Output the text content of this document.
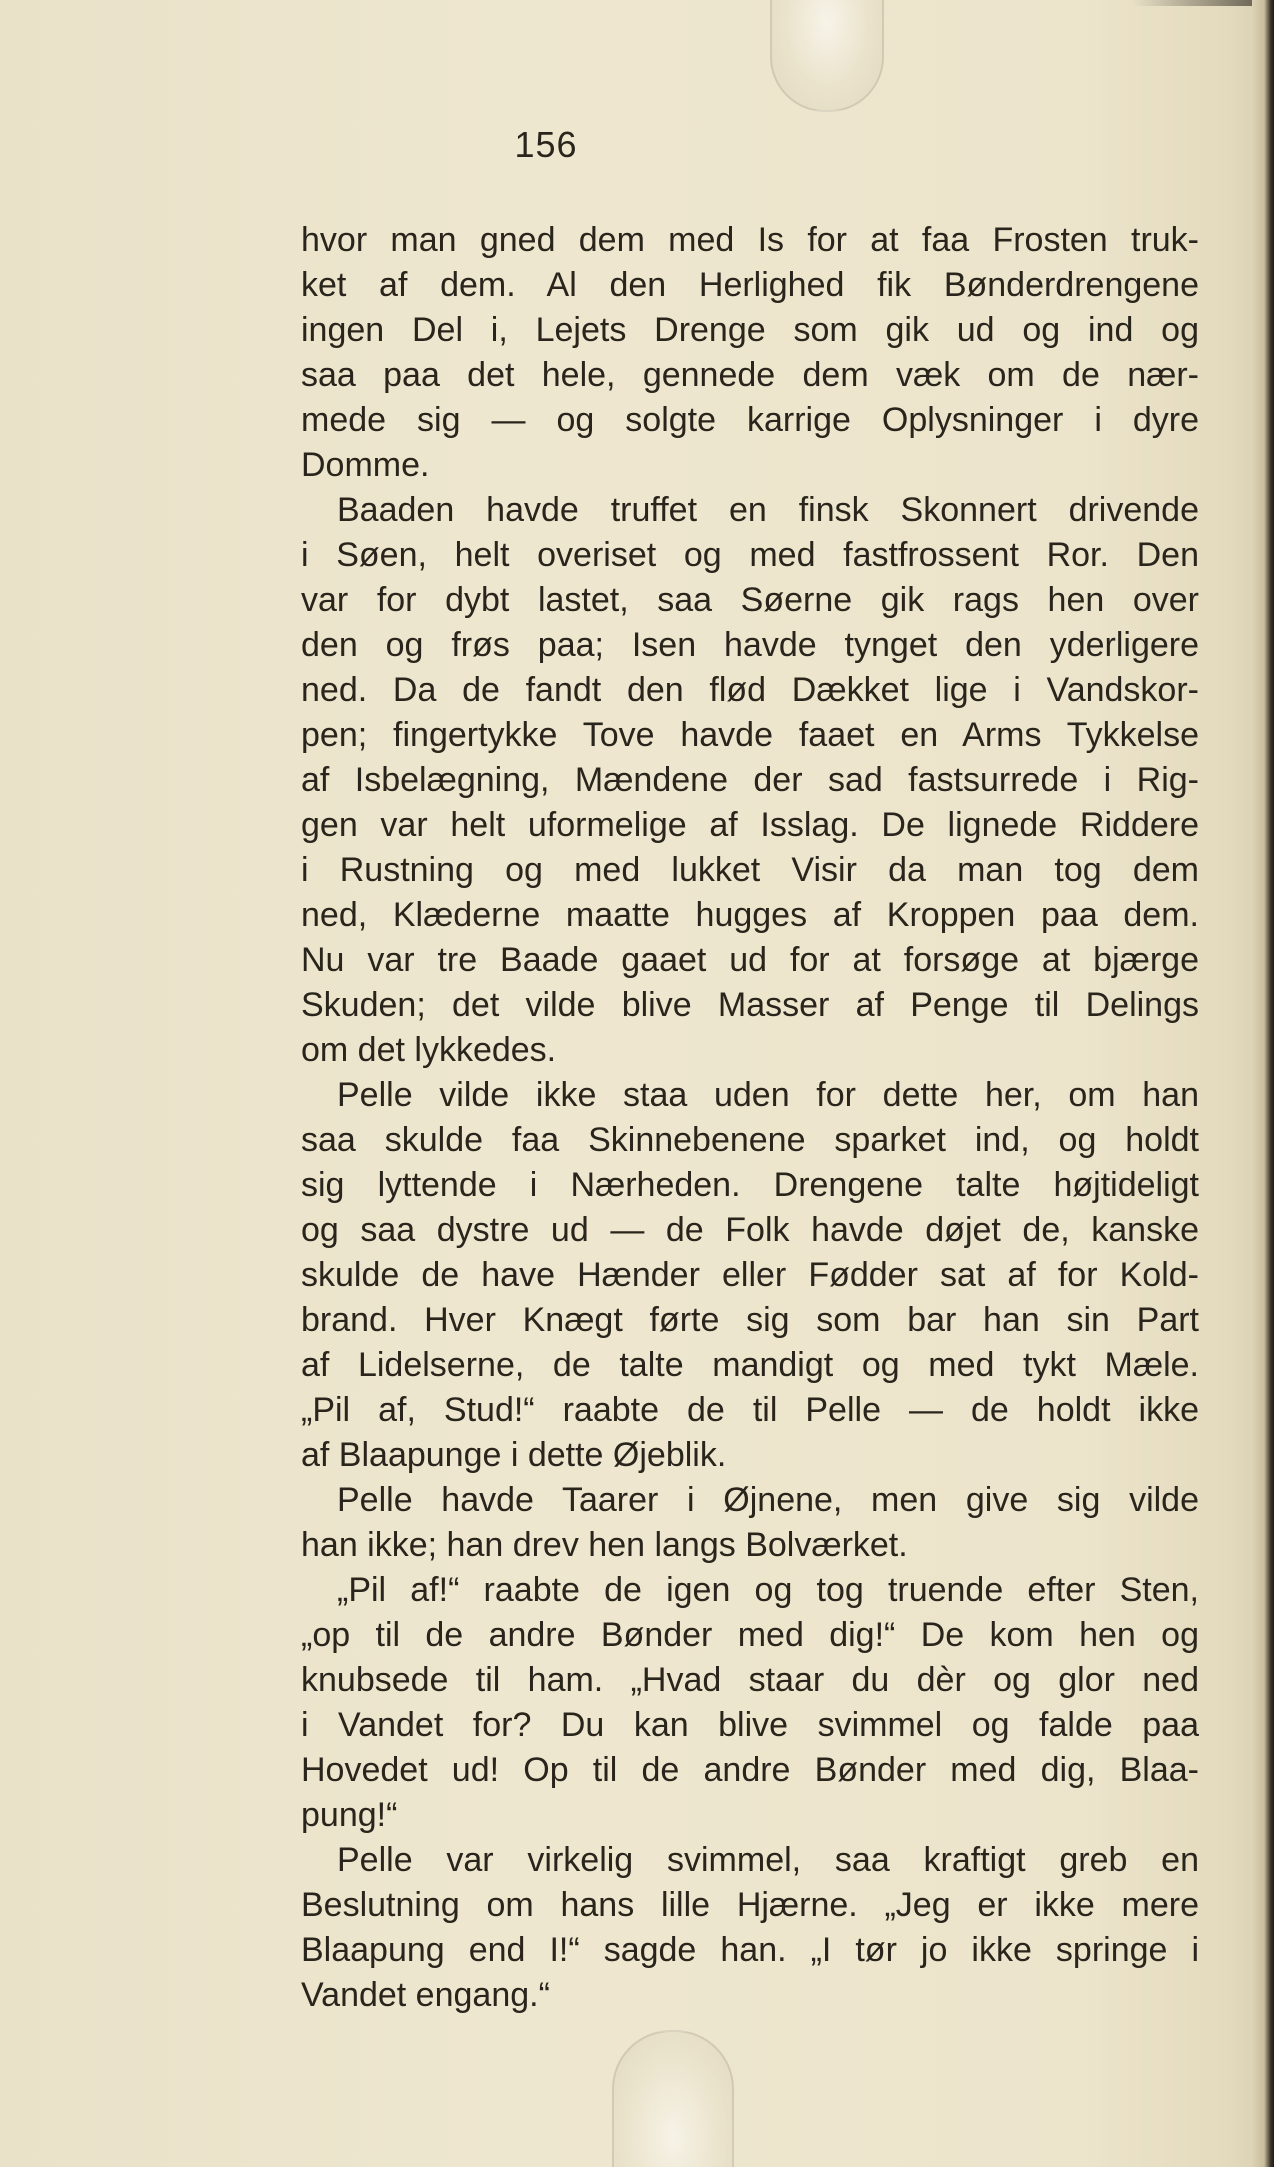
156
hvor man gned dem med Is for at faa Frosten truk-
ket af dem. Al den Herlighed fik Bønderdrengene
ingen Del i, Lejets Drenge som gik ud og ind og
saa paa det hele, gennede dem væk om de nær-
mede sig — og solgte karrige Oplysninger i dyre
Domme.
Baaden havde truffet en finsk Skonnert drivende
i Søen, helt overiset og med fastfrossent Ror. Den
var for dybt lastet, saa Søerne gik rags hen over
den og frøs paa; Isen havde tynget den yderligere
ned. Da de fandt den flød Dækket lige i Vandskor-
pen; fingertykke Tove havde faaet en Arms Tykkelse
af Isbelægning, Mændene der sad fastsurrede i Rig-
gen var helt uformelige af Isslag. De lignede Riddere
i Rustning og med lukket Visir da man tog dem
ned, Klæderne maatte hugges af Kroppen paa dem.
Nu var tre Baade gaaet ud for at forsøge at bjærge
Skuden; det vilde blive Masser af Penge til Delings
om det lykkedes.
Pelle vilde ikke staa uden for dette her, om han
saa skulde faa Skinnebenene sparket ind, og holdt
sig lyttende i Nærheden. Drengene talte højtideligt
og saa dystre ud — de Folk havde døjet de, kanske
skulde de have Hænder eller Fødder sat af for Kold-
brand. Hver Knægt førte sig som bar han sin Part
af Lidelserne, de talte mandigt og med tykt Mæle.
„Pil af, Stud!“ raabte de til Pelle — de holdt ikke
af Blaapunge i dette Øjeblik.
Pelle havde Taarer i Øjnene, men give sig vilde
han ikke; han drev hen langs Bolværket.
„Pil af!“ raabte de igen og tog truende efter Sten,
„op til de andre Bønder med dig!“ De kom hen og
knubsede til ham. „Hvad staar du dèr og glor ned
i Vandet for? Du kan blive svimmel og falde paa
Hovedet ud! Op til de andre Bønder med dig, Blaa-
pung!“
Pelle var virkelig svimmel, saa kraftigt greb en
Beslutning om hans lille Hjærne. „Jeg er ikke mere
Blaapung end I!“ sagde han. „I tør jo ikke springe i
Vandet engang.“
